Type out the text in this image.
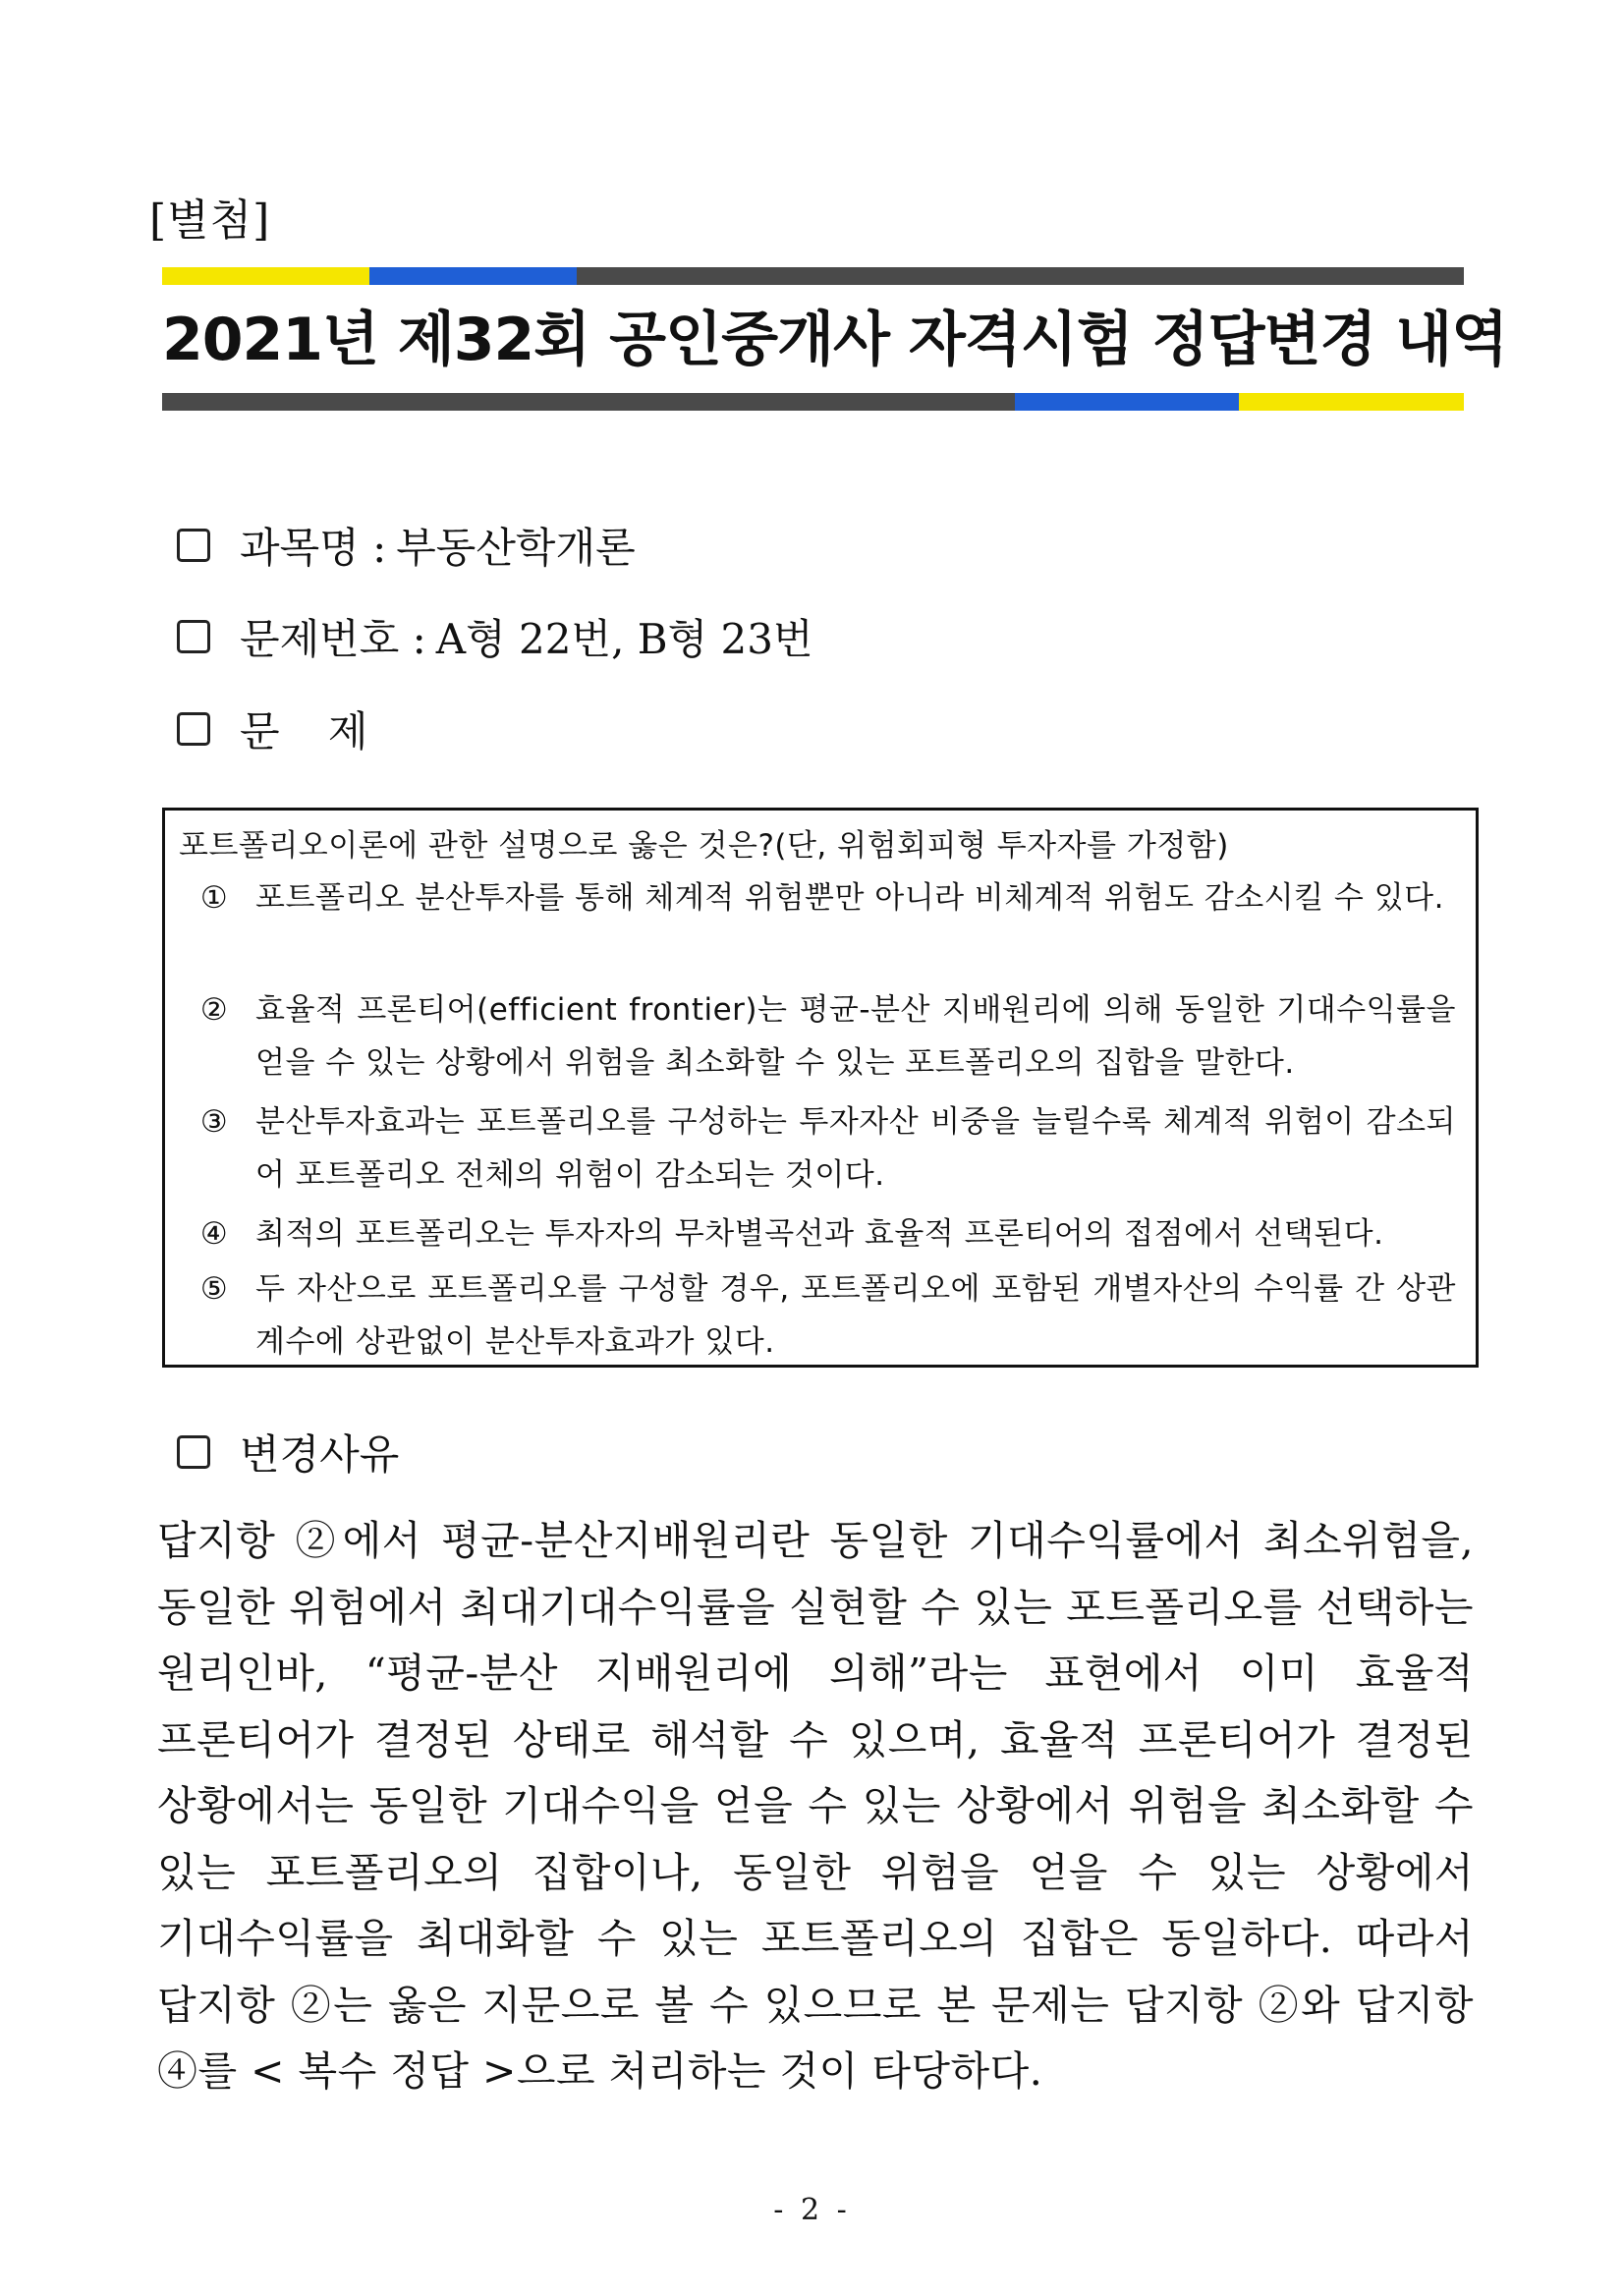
[별첨]
2021년 제32회 공인중개사 자격시험 정답변경 내역
과목명 : 부동산학개론
문제번호 : A형 22번, B형 23번
문 제
포트폴리오이론에 관한 설명으로 옳은 것은?(단, 위험회피형 투자자를 가정함)
① 포트폴리오 분산투자를 통해 체계적 위험뿐만 아니라 비체계적 위험도 감소시킬 수 있다.
② 효율적 프론티어(efficient frontier)는 평균-분산 지배원리에 의해 동일한 기대수익률을 얻을 수 있는 상황에서 위험을 최소화할 수 있는 포트폴리오의 집합을 말한다.
③ 분산투자효과는 포트폴리오를 구성하는 투자자산 비중을 늘릴수록 체계적 위험이 감소되어 포트폴리오 전체의 위험이 감소되는 것이다.
④ 최적의 포트폴리오는 투자자의 무차별곡선과 효율적 프론티어의 접점에서 선택된다.
⑤ 두 자산으로 포트폴리오를 구성할 경우, 포트폴리오에 포함된 개별자산의 수익률 간 상관계수에 상관없이 분산투자효과가 있다.
변경사유
답지항 ②에서 평균-분산지배원리란 동일한 기대수익률에서 최소위험을, 동일한 위험에서 최대기대수익률을 실현할 수 있는 포트폴리오를 선택하는 원리인바, “평균-분산 지배원리에 의해”라는 표현에서 이미 효율적 프론티어가 결정된 상태로 해석할 수 있으며, 효율적 프론티어가 결정된 상황에서는 동일한 기대수익을 얻을 수 있는 상황에서 위험을 최소화할 수 있는 포트폴리오의 집합이나, 동일한 위험을 얻을 수 있는 상황에서 기대수익률을 최대화할 수 있는 포트폴리오의 집합은 동일하다. 따라서 답지항 ②는 옳은 지문으로 볼 수 있으므로 본 문제는 답지항 ②와 답지항 ④를 < 복수 정답 >으로 처리하는 것이 타당하다.
- 2 -
